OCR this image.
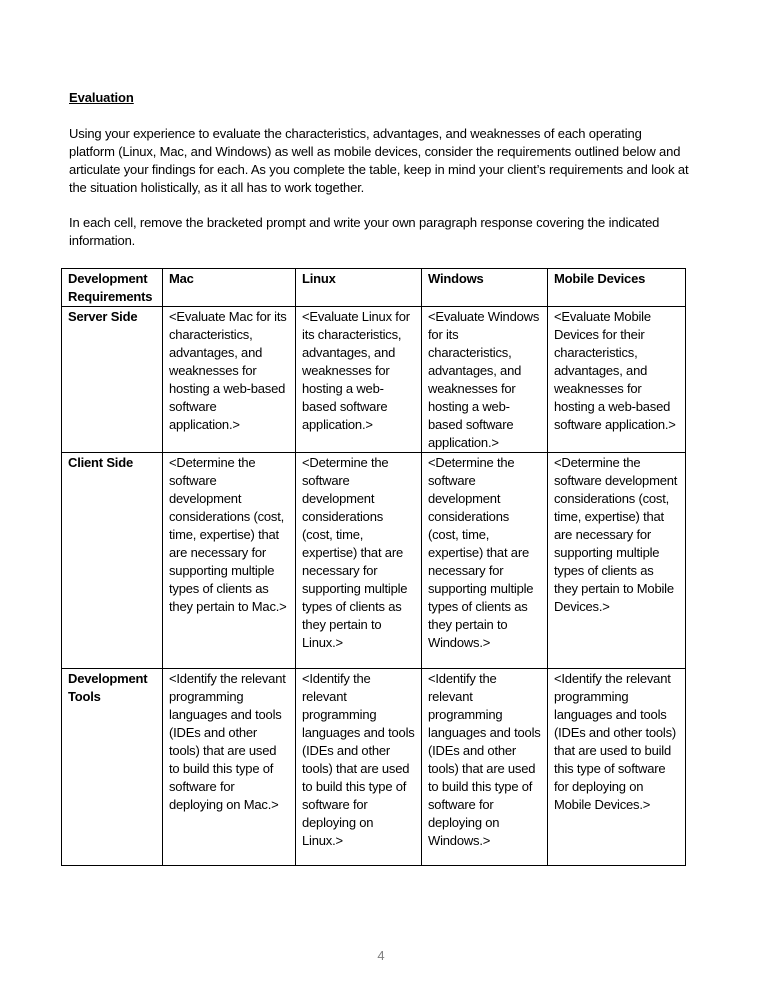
Evaluation
Using your experience to evaluate the characteristics, advantages, and weaknesses of each operating platform (Linux, Mac, and Windows) as well as mobile devices, consider the requirements outlined below and articulate your findings for each. As you complete the table, keep in mind your client’s requirements and look at the situation holistically, as it all has to work together.
In each cell, remove the bracketed prompt and write your own paragraph response covering the indicated information.
Development Requirements	Mac	Linux	Windows	Mobile Devices
Server Side	<Evaluate Mac for its characteristics, advantages, and weaknesses for hosting a web-based software application.>	<Evaluate Linux for its characteristics, advantages, and weaknesses for hosting a web-based software application.>	<Evaluate Windows for its characteristics, advantages, and weaknesses for hosting a web-based software application.>	<Evaluate Mobile Devices for their characteristics, advantages, and weaknesses for hosting a web-based software application.>
Client Side	<Determine the software development considerations (cost, time, expertise) that are necessary for supporting multiple types of clients as they pertain to Mac.>	<Determine the software development considerations (cost, time, expertise) that are necessary for supporting multiple types of clients as they pertain to Linux.>	<Determine the software development considerations (cost, time, expertise) that are necessary for supporting multiple types of clients as they pertain to Windows.>	<Determine the software development considerations (cost, time, expertise) that are necessary for supporting multiple types of clients as they pertain to Mobile Devices.>
Development Tools	<Identify the relevant programming languages and tools (IDEs and other tools) that are used to build this type of software for deploying on Mac.>	<Identify the relevant programming languages and tools (IDEs and other tools) that are used to build this type of software for deploying on Linux.>	<Identify the relevant programming languages and tools (IDEs and other tools) that are used to build this type of software for deploying on Windows.>	<Identify the relevant programming languages and tools (IDEs and other tools) that are used to build this type of software for deploying on Mobile Devices.>
4
